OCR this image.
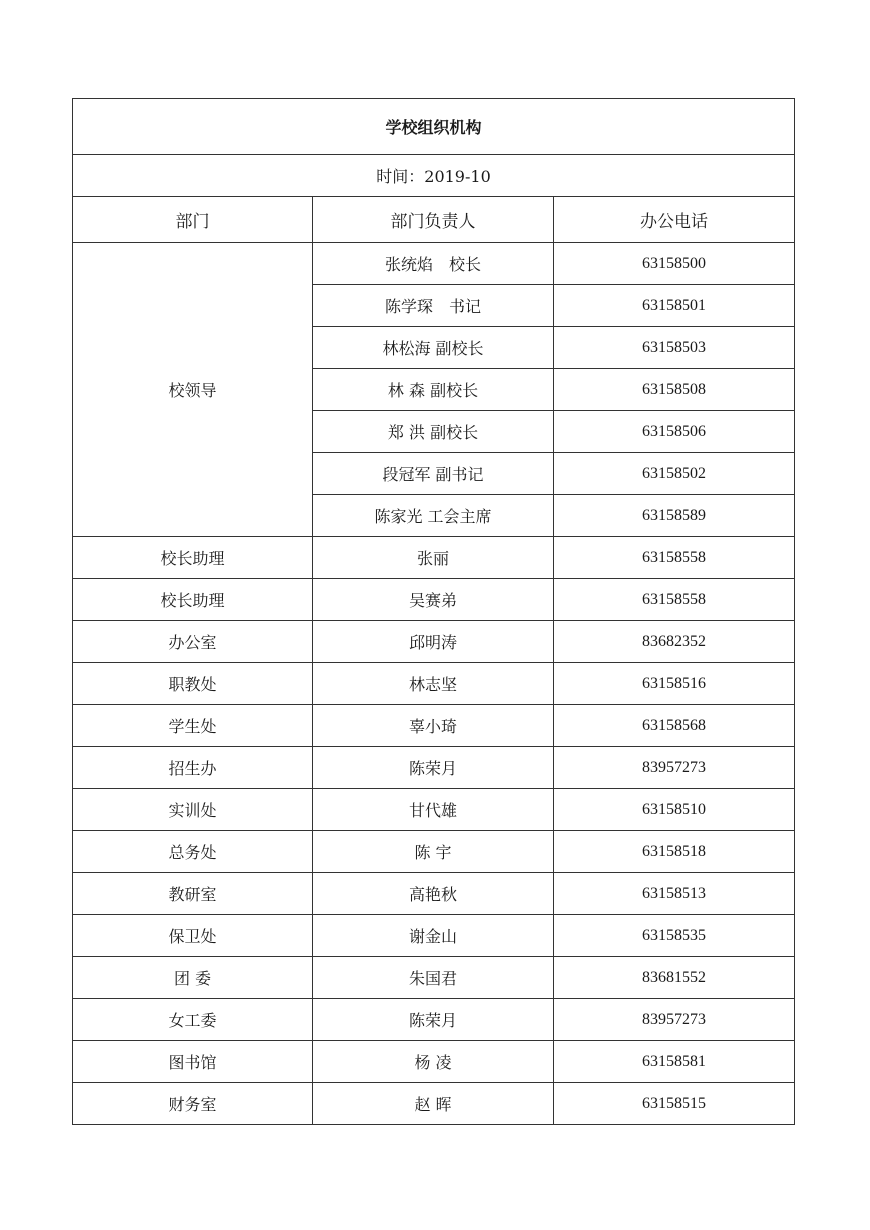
学校组织机构		
时间：2019-10		
部门	部门负责人	办公电话
校领导	张统焰　校长	63158500
	陈学琛　书记	63158501
	林松海 副校长	63158503
	林 森 副校长	63158508
	郑 洪 副校长	63158506
	段冠军 副书记	63158502
	陈家光 工会主席	63158589
校长助理	张丽	63158558
校长助理	吴赛弟	63158558
办公室	邱明涛	83682352
职教处	林志坚	63158516
学生处	辜小琦	63158568
招生办	陈荣月	83957273
实训处	甘代雄	63158510
总务处	陈 宇	63158518
教研室	高艳秋	63158513
保卫处	谢金山	63158535
团 委	朱国君	83681552
女工委	陈荣月	83957273
图书馆	杨 凌	63158581
财务室	赵 晖	63158515
